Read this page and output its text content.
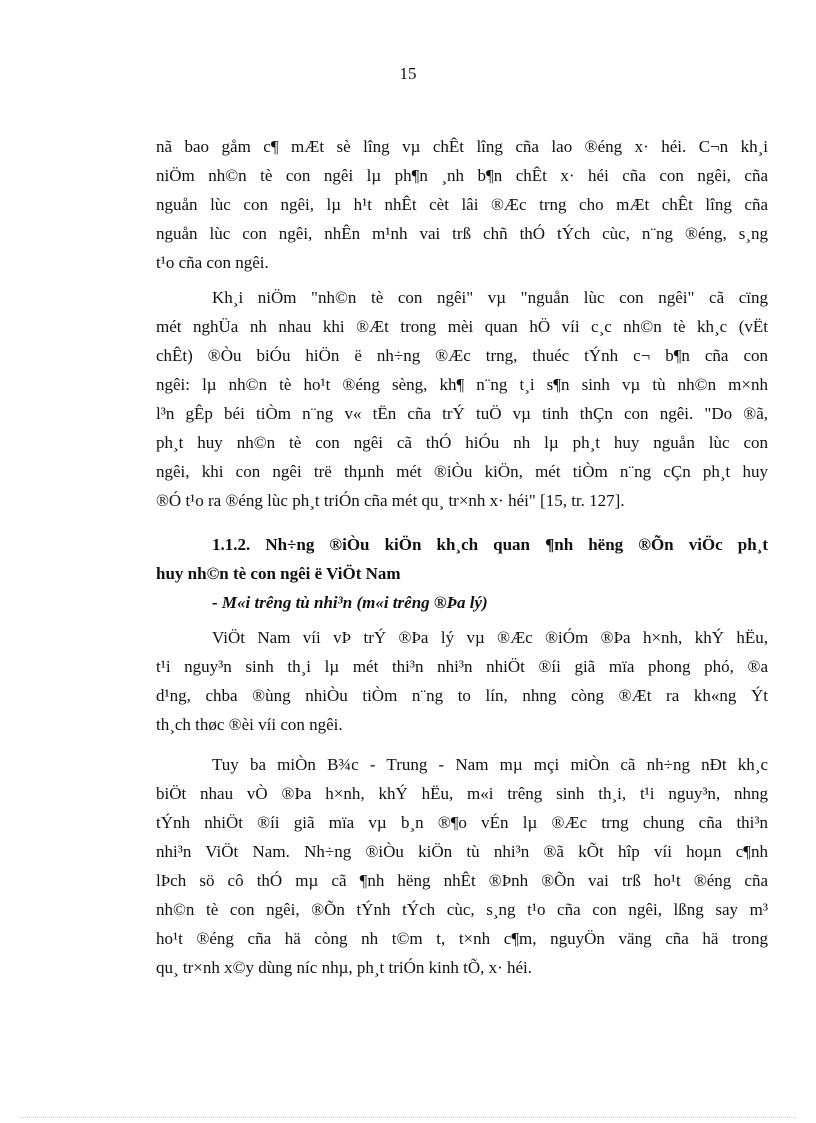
15
nã bao gåm c¶ mÆt sè lîng vµ chÊt lîng cña lao ®éng x· héi. C¬n kh¸i
niÖm nh©n tè con ngêi lµ ph¶n ¸nh b¶n chÊt x· héi cña con ngêi, cña
nguån lùc con ngêi, lµ h¹t nhÊt cèt lâi ®Æc trng cho mÆt chÊt lîng cña
nguån lùc con ngêi, nhÊn m¹nh vai trß chñ thÓ tÝch cùc, n¨ng ®éng, s¸ng
t¹o cña con ngêi.
Kh¸i niÖm "nh©n tè con ngêi" vµ "nguån lùc con ngêi" cã cïng
mét nghÜa nh nhau khi ®Æt trong mèi quan hÖ víi c¸c nh©n tè kh¸c (vËt
chÊt) ®Òu biÓu hiÖn ë nh÷ng ®Æc trng, thuéc tÝnh c¬ b¶n cña con
ngêi: lµ nh©n tè ho¹t ®éng sèng, kh¶ n¨ng t¸i s¶n sinh vµ tù nh©n m×nh
l³n gÊp béi tiÒm n¨ng v« tËn cña trÝ tuÖ vµ tinh thÇn con ngêi. "Do ®ã,
ph¸t huy nh©n tè con ngêi cã thÓ hiÓu nh lµ ph¸t huy nguån lùc con
ngêi, khi con ngêi trë thµnh mét ®iÒu kiÖn, mét tiÒm n¨ng cÇn ph¸t huy
®Ó t¹o ra ®éng lùc ph¸t triÓn cña mét qu¸ tr×nh x· héi" [15, tr. 127].
1.1.2. Nh÷ng ®iÒu kiÖn kh¸ch quan ¶nh hëng ®Õn viÖc ph¸t
huy nh©n tè con ngêi ë ViÖt Nam
- M«i trêng tù nhi³n (m«i trêng ®Þa lý)
ViÖt Nam víi vÞ trÝ ®Þa lý vµ ®Æc ®iÓm ®Þa h×nh, khÝ hËu,
t¹i nguy³n sinh th¸i lµ mét thi³n nhi³n nhiÖt ®íi giã mïa phong phó, ®a
d¹ng, chba ®ùng nhiÒu tiÒm n¨ng to lín, nhng còng ®Æt ra kh«ng Ýt
th¸ch thøc ®èi víi con ngêi.
Tuy ba miÒn B¾c - Trung - Nam mµ mçi miÒn cã nh÷ng nÐt kh¸c
biÖt nhau vÒ ®Þa h×nh, khÝ hËu, m«i trêng sinh th¸i, t¹i nguy³n, nhng
tÝnh nhiÖt ®íi giã mïa vµ b¸n ®¶o vÉn lµ ®Æc trng chung cña thi³n
nhi³n ViÖt Nam. Nh÷ng ®iÒu kiÖn tù nhi³n ®ã kÕt hîp víi hoµn c¶nh
lÞch sö cô thÓ mµ cã ¶nh hëng nhÊt ®Þnh ®Õn vai trß ho¹t ®éng cña
nh©n tè con ngêi, ®Õn tÝnh tÝch cùc, s¸ng t¹o cña con ngêi, lßng say m³
ho¹t ®éng cña hä còng nh t©m t, t×nh c¶m, nguyÖn väng cña hä trong
qu¸ tr×nh x©y dùng níc nhµ, ph¸t triÓn kinh tÕ, x· héi.
